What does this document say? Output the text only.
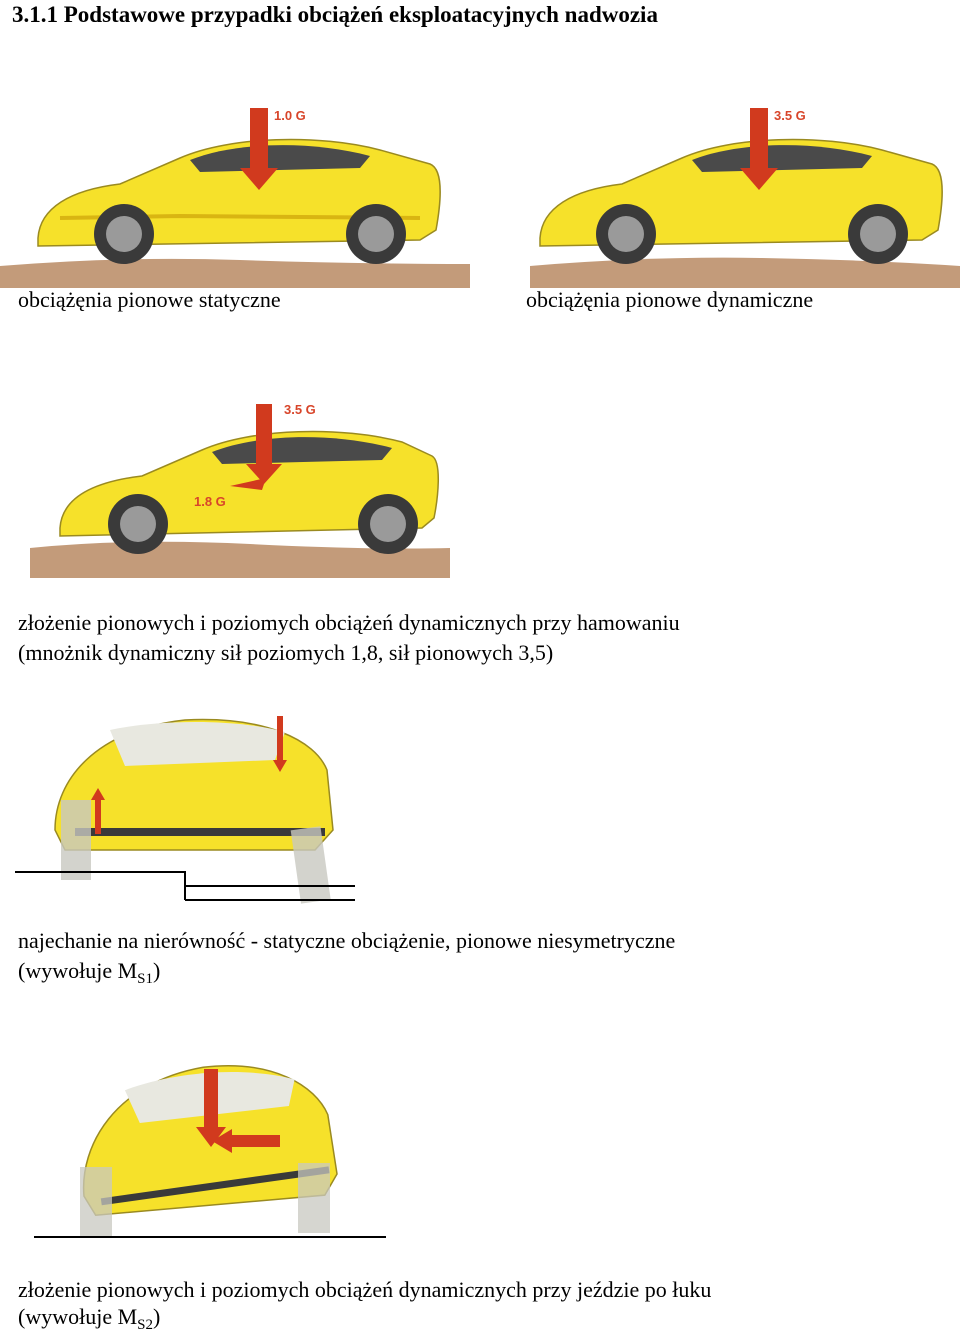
3.1.1 Podstawowe przypadki obciążeń eksploatacyjnych nadwozia
1.0 G
obciążęnia pionowe statyczne
3.5 G
obciążęnia pionowe dynamiczne
3.5 G
1.8 G
złożenie pionowych i poziomych obciążeń dynamicznych przy hamowaniu
(mnożnik dynamiczny sił poziomych 1,8, sił pionowych 3,5)
najechanie na nierówność - statyczne obciążenie, pionowe niesymetryczne
(wywołuje $M_{S1}$)
złożenie pionowych i poziomych obciążeń dynamicznych przy jeździe po łuku
(wywołuje $M_{S2}$)
